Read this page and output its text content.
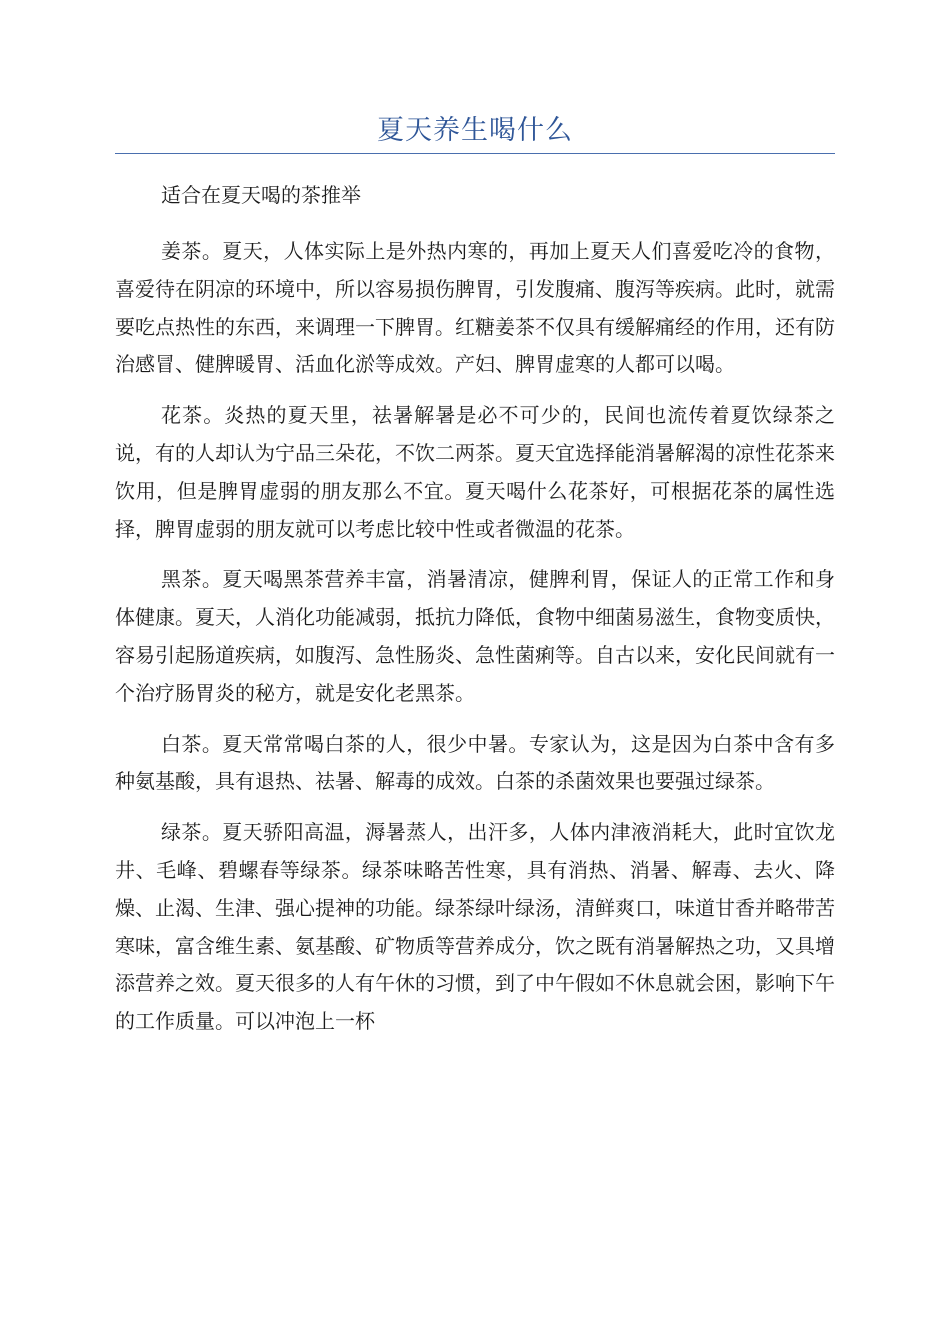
夏天养生喝什么

适合在夏天喝的茶推举

姜茶。夏天，人体实际上是外热内寒的，再加上夏天人们喜爱吃冷的食物，喜爱待在阴凉的环境中，所以容易损伤脾胃，引发腹痛、腹泻等疾病。此时，就需要吃点热性的东西，来调理一下脾胃。红糖姜茶不仅具有缓解痛经的作用，还有防治感冒、健脾暖胃、活血化淤等成效。产妇、脾胃虚寒的人都可以喝。

花茶。炎热的夏天里，祛暑解暑是必不可少的，民间也流传着夏饮绿茶之说，有的人却认为宁品三朵花，不饮二两茶。夏天宜选择能消暑解渴的凉性花茶来饮用，但是脾胃虚弱的朋友那么不宜。夏天喝什么花茶好，可根据花茶的属性选择，脾胃虚弱的朋友就可以考虑比较中性或者微温的花茶。

黑茶。夏天喝黑茶营养丰富，消暑清凉，健脾利胃，保证人的正常工作和身体健康。夏天，人消化功能减弱，抵抗力降低，食物中细菌易滋生，食物变质快，容易引起肠道疾病，如腹泻、急性肠炎、急性菌痢等。自古以来，安化民间就有一个治疗肠胃炎的秘方，就是安化老黑茶。

白茶。夏天常常喝白茶的人，很少中暑。专家认为，这是因为白茶中含有多种氨基酸，具有退热、祛暑、解毒的成效。白茶的杀菌效果也要强过绿茶。

绿茶。夏天骄阳高温，溽暑蒸人，出汗多，人体内津液消耗大，此时宜饮龙井、毛峰、碧螺春等绿茶。绿茶味略苦性寒，具有消热、消暑、解毒、去火、降燥、止渴、生津、强心提神的功能。绿茶绿叶绿汤，清鲜爽口，味道甘香并略带苦寒味，富含维生素、氨基酸、矿物质等营养成分，饮之既有消暑解热之功，又具增添营养之效。夏天很多的人有午休的习惯，到了中午假如不休息就会困，影响下午的工作质量。可以冲泡上一杯
